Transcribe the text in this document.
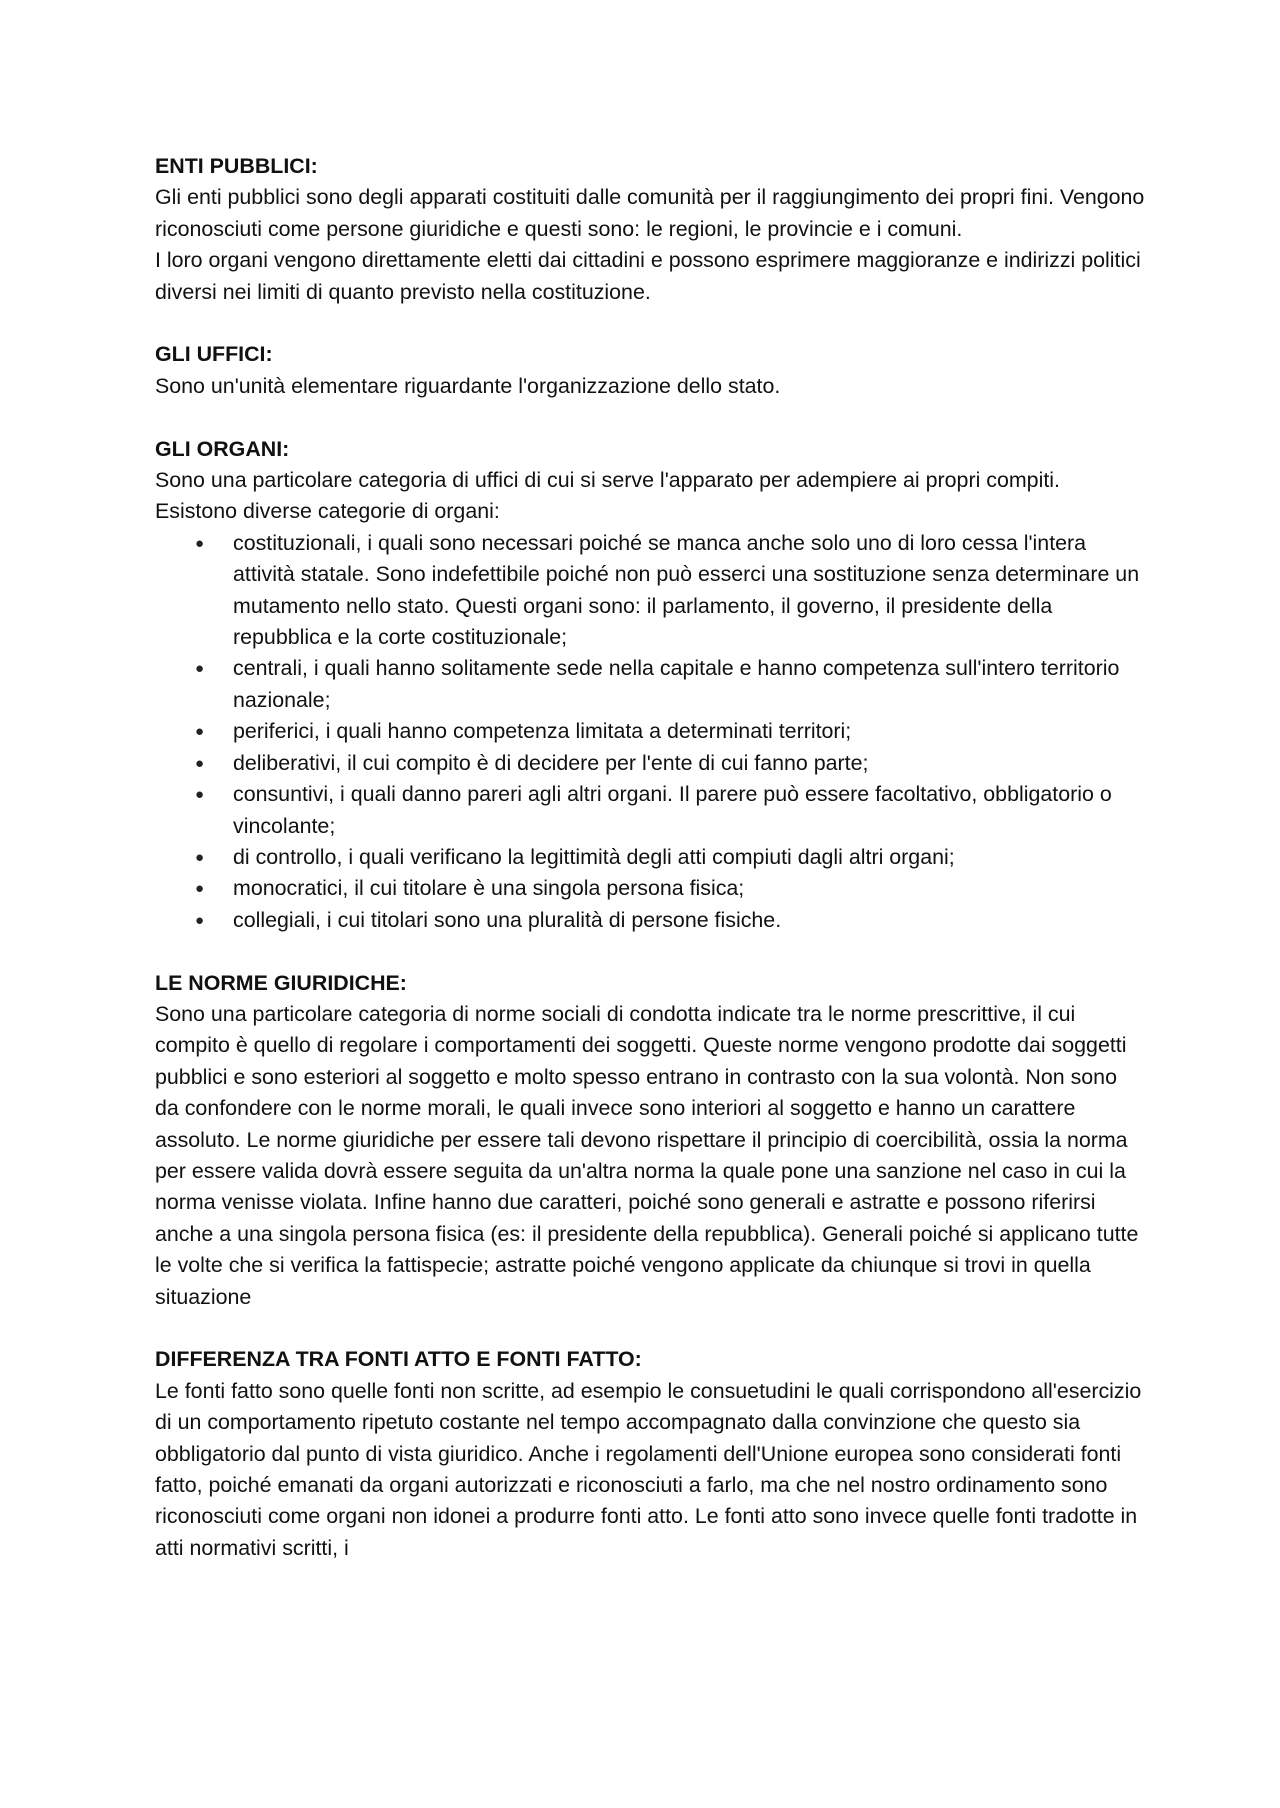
ENTI PUBBLICI:

Gli enti pubblici sono degli apparati costituiti dalle comunità per il raggiungimento dei propri fini. Vengono riconosciuti come persone giuridiche e questi sono: le regioni, le provincie e i comuni.

I loro organi vengono direttamente eletti dai cittadini e possono esprimere maggioranze e indirizzi politici diversi nei limiti di quanto previsto nella costituzione.

GLI UFFICI:

Sono un'unità elementare riguardante l'organizzazione dello stato.

GLI ORGANI:

Sono una particolare categoria di uffici di cui si serve l'apparato per adempiere ai propri compiti. Esistono diverse categorie di organi:

● costituzionali, i quali sono necessari poiché se manca anche solo uno di loro cessa l'intera attività statale. Sono indefettibile poiché non può esserci una sostituzione senza determinare un mutamento nello stato. Questi organi sono: il parlamento, il governo, il presidente della repubblica e la corte costituzionale;
● centrali, i quali hanno solitamente sede nella capitale e hanno competenza sull'intero territorio nazionale;
● periferici, i quali hanno competenza limitata a determinati territori;
● deliberativi, il cui compito è di decidere per l'ente di cui fanno parte;
● consuntivi, i quali danno pareri agli altri organi. Il parere può essere facoltativo, obbligatorio o vincolante;
● di controllo, i quali verificano la legittimità degli atti compiuti dagli altri organi;
● monocratici, il cui titolare è una singola persona fisica;
● collegiali, i cui titolari sono una pluralità di persone fisiche.

LE NORME GIURIDICHE:

Sono una particolare categoria di norme sociali di condotta indicate tra le norme prescrittive, il cui compito è quello di regolare i comportamenti dei soggetti. Queste norme vengono prodotte dai soggetti pubblici e sono esteriori al soggetto e molto spesso entrano in contrasto con la sua volontà. Non sono da confondere con le norme morali, le quali invece sono interiori al soggetto e hanno un carattere assoluto. Le norme giuridiche per essere tali devono rispettare il principio di coercibilità, ossia la norma per essere valida dovrà essere seguita da un'altra norma la quale pone una sanzione nel caso in cui la norma venisse violata. Infine hanno due caratteri, poiché sono generali e astratte e possono riferirsi anche a una singola persona fisica (es: il presidente della repubblica). Generali poiché si applicano tutte le volte che si verifica la fattispecie; astratte poiché vengono applicate da chiunque si trovi in quella situazione

DIFFERENZA TRA FONTI ATTO E FONTI FATTO:

Le fonti fatto sono quelle fonti non scritte, ad esempio le consuetudini le quali corrispondono all'esercizio di un comportamento ripetuto costante nel tempo accompagnato dalla convinzione che questo sia obbligatorio dal punto di vista giuridico. Anche i regolamenti dell'Unione europea sono considerati fonti fatto, poiché emanati da organi autorizzati e riconosciuti a farlo, ma che nel nostro ordinamento sono riconosciuti come organi non idonei a produrre fonti atto. Le fonti atto sono invece quelle fonti tradotte in atti normativi scritti, i
